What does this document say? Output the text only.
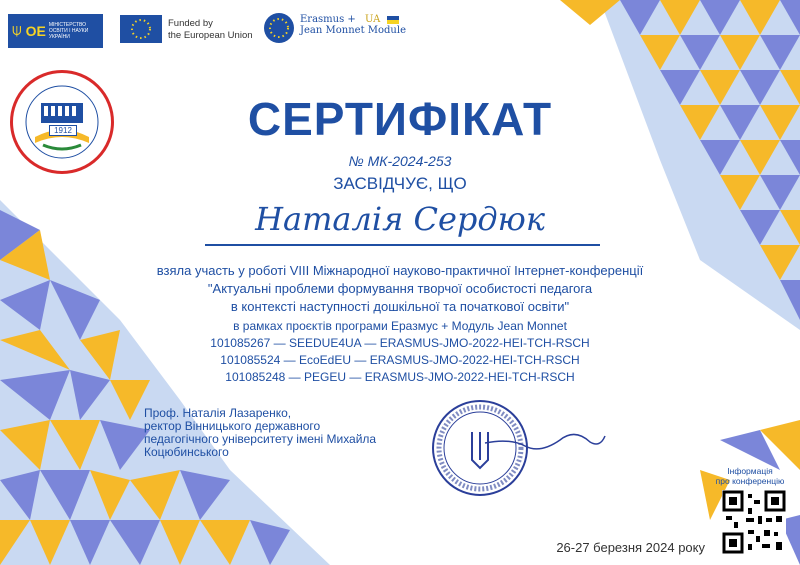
⍦ ОЕ МІНІСТЕРСТВО ОСВІТИ І НАУКИ УКРАЇНИ
Funded by
the European Union
Erasmus + UA
Jean Monnet Module
1912	СЕРТИФІКАТ
№ МК-2024-253
ЗАСВІДЧУЄ, ЩО
Наталія Сердюк
взяла участь у роботі VIII Міжнародної науково-практичної Інтернет-конференції
"Актуальні проблеми формування творчої особистості педагога
в контексті наступності дошкільної та початкової освіти"
в рамках проєктів програми Еразмус + Модуль Jean Monnet
101085267 — SEEDUE4UA — ERASMUS-JMO-2022-HEI-TCH-RSCH
101085524 — EcoEdEU — ERASMUS-JMO-2022-HEI-TCH-RSCH
101085248 — PEGEU — ERASMUS-JMO-2022-HEI-TCH-RSCH
Проф. Наталія Лазаренко,
ректор Вінницького державного
педагогічного університету імені Михайла
Коцюбинського
Інформація
про конференцію
26-27 березня 2024 року
